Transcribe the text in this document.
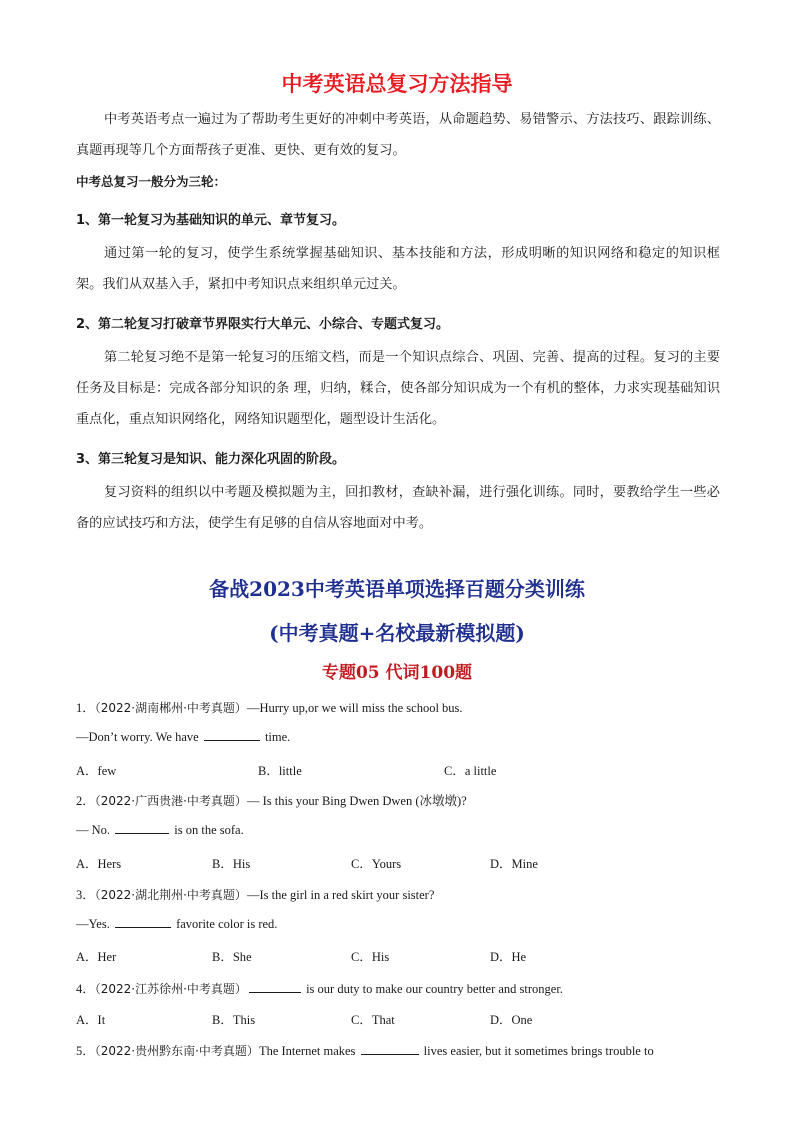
中考英语总复习方法指导
中考英语考点一遍过为了帮助考生更好的冲刺中考英语，从命题趋势、易错警示、方法技巧、跟踪训练、真题再现等几个方面帮孩子更准、更快、更有效的复习。
中考总复习一般分为三轮：
1、第一轮复习为基础知识的单元、章节复习。
通过第一轮的复习，使学生系统掌握基础知识、基本技能和方法，形成明晰的知识网络和稳定的知识框架。我们从双基入手，紧扣中考知识点来组织单元过关。
2、第二轮复习打破章节界限实行大单元、小综合、专题式复习。
第二轮复习绝不是第一轮复习的压缩文档，而是一个知识点综合、巩固、完善、提高的过程。复习的主要任务及目标是：完成各部分知识的条 理，归纳，糅合，使各部分知识成为一个有机的整体，力求实现基础知识重点化，重点知识网络化，网络知识题型化，题型设计生活化。
3、第三轮复习是知识、能力深化巩固的阶段。
复习资料的组织以中考题及模拟题为主，回扣教材，查缺补漏，进行强化训练。同时，要教给学生一些必备的应试技巧和方法，使学生有足够的自信从容地面对中考。
备战2023中考英语单项选择百题分类训练
(中考真题+名校最新模拟题)
专题05 代词100题
1．（2022·湖南郴州·中考真题）—Hurry up,or we will miss the school bus.
—Don’t worry. We have	time.
A．few	B．little	C．a little
2．（2022·广西贵港·中考真题）— Is this your Bing Dwen Dwen (冰墩墩)?
— No.	is on the sofa.
A．Hers	B．His	C．Yours	D．Mine
3．（2022·湖北荆州·中考真题）—Is the girl in a red skirt your sister?
—Yes.	favorite color is red.
A．Her	B．She	C．His	D．He
4．（2022·江苏徐州·中考真题）	is our duty to make our country better and stronger.
A．It	B．This	C．That	D．One
5．（2022·贵州黔东南·中考真题）The Internet makes	lives easier, but it sometimes brings trouble to
